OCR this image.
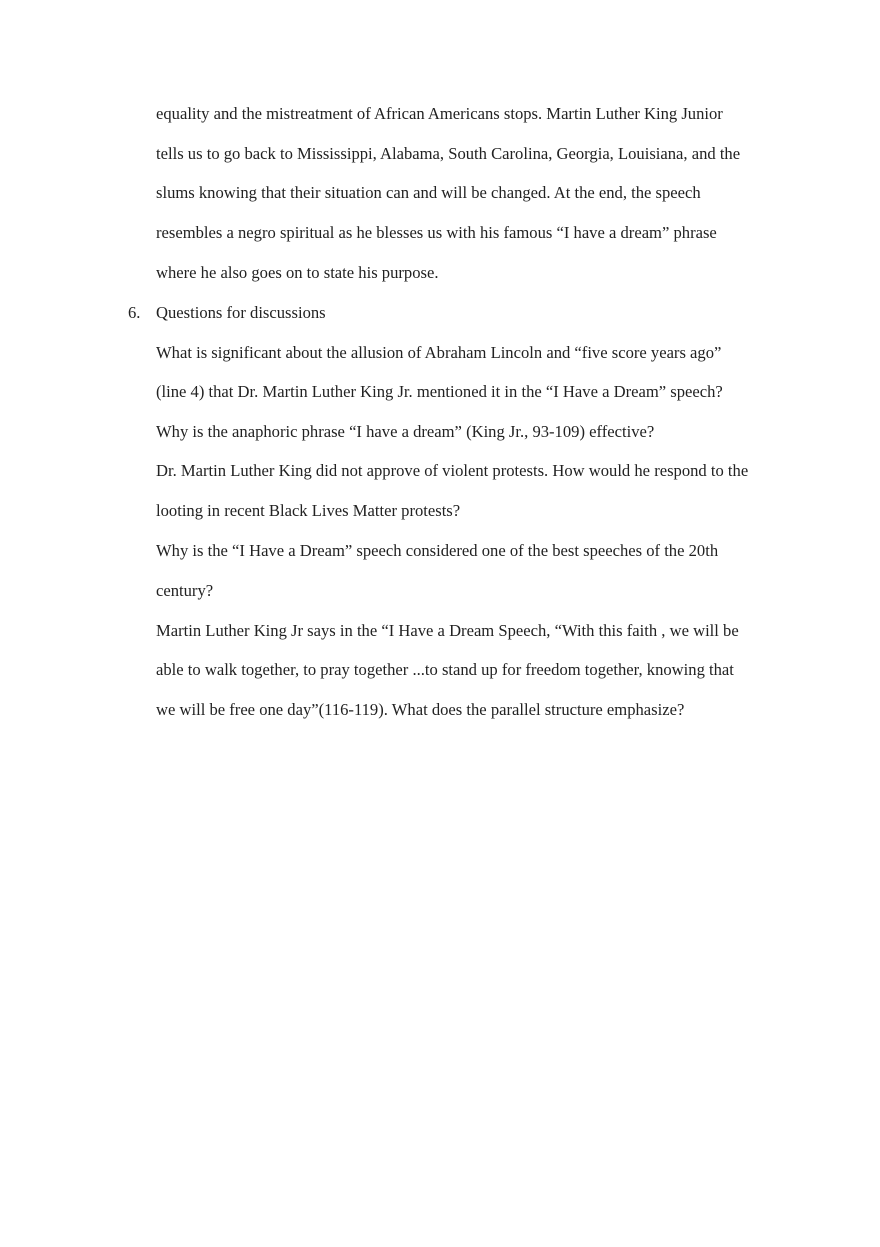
equality and the mistreatment of African Americans stops. Martin Luther King Junior

tells us to go back to Mississippi, Alabama, South Carolina, Georgia, Louisiana, and the

slums knowing that their situation can and will be changed. At the end, the speech

resembles a negro spiritual as he blesses us with his famous “I have a dream” phrase

where he also goes on to state his purpose.

6. Questions for discussions

What is significant about the allusion of Abraham Lincoln and “five score years ago”

(line 4) that Dr. Martin Luther King Jr. mentioned it in the “I Have a Dream” speech?

Why is the anaphoric phrase “I have a dream” (King Jr., 93-109) effective?

Dr. Martin Luther King did not approve of violent protests. How would he respond to the

looting in recent Black Lives Matter protests?

Why is the “I Have a Dream” speech considered one of the best speeches of the 20th

century?

Martin Luther King Jr says in the “I Have a Dream Speech, “With this faith , we will be

able to walk together, to pray together ...to stand up for freedom together, knowing that

we will be free one day”(116-119). What does the parallel structure emphasize?
